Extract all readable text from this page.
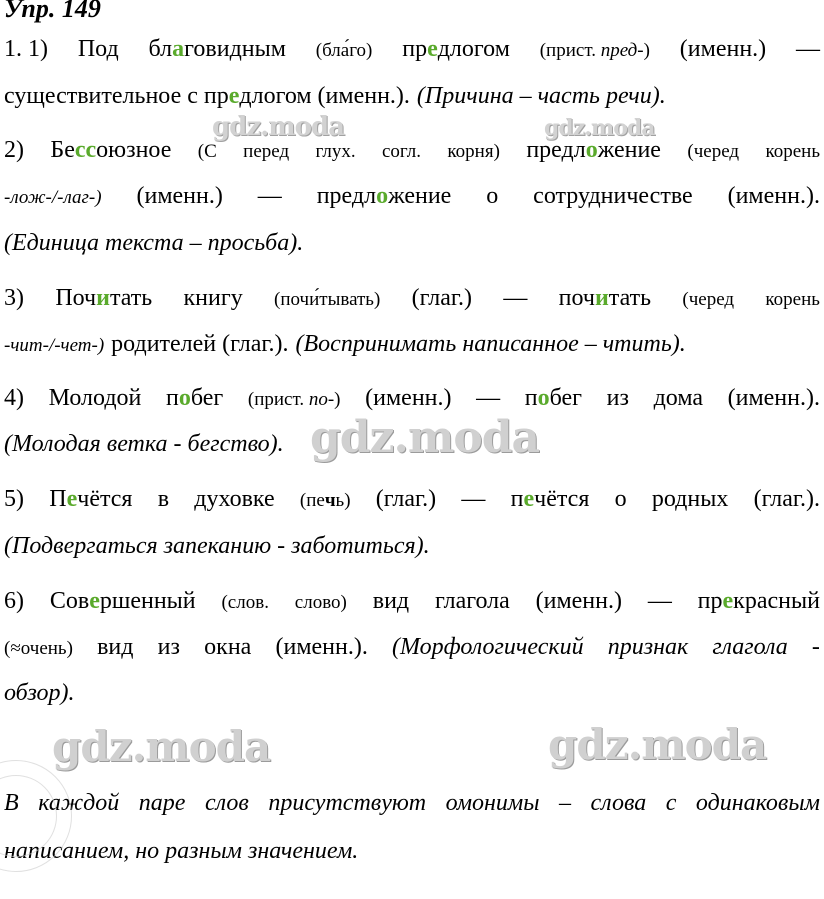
Упр. 149
1. 1) Под благовидным (бла́го) предлогом (прист. пред-) (именн.) —
существительное с предлогом (именн.). (Причина – часть речи).
2) Бессоюзное (С перед глух. согл. корня) предложение (черед корень
-лож-/-лаг-) (именн.) — предложение о сотрудничестве (именн.).
(Единица текста – просьба).
3) Почитать книгу (почи́тывать) (глаг.) — почитать (черед корень
-чит-/-чет-) родителей (глаг.). (Воспринимать написанное – чтить).
4) Молодой побег (прист. по-) (именн.) — побег из дома (именн.).
(Молодая ветка - бегство).
5) Печётся в духовке (печь) (глаг.) — печётся о родных (глаг.).
(Подвергаться запеканию - заботиться).
6) Совершенный (слов. слово) вид глагола (именн.) — прекрасный
(≈очень) вид из окна (именн.). (Морфологический признак глагола -
обзор).
В каждой паре слов присутствуют омонимы – слова с одинаковым
написанием, но разным значением.
gdz.moda	gdz.moda
gdz.moda
gdz.moda	gdz.moda
